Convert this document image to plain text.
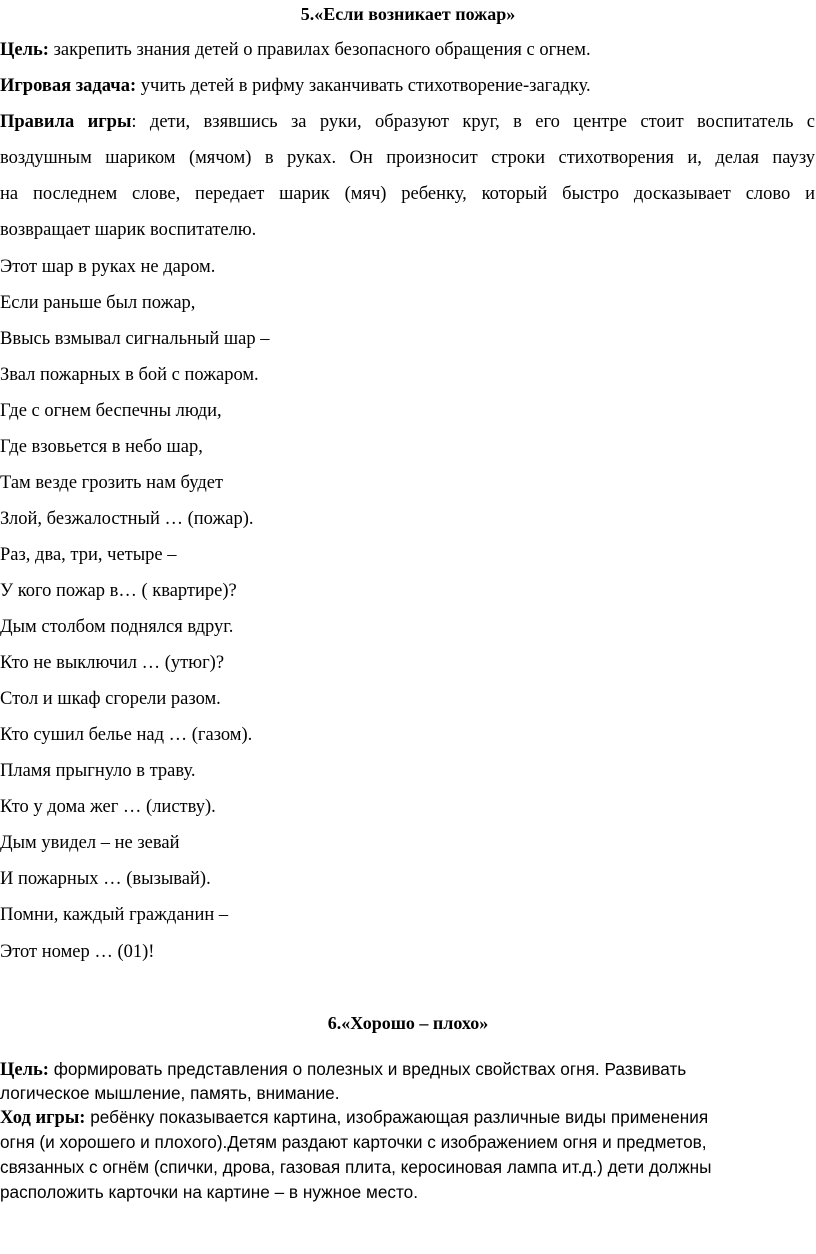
5.«Если возникает пожар»
Цель: закрепить знания детей о правилах безопасного обращения с огнем.
Игровая задача: учить детей в рифму заканчивать стихотворение-загадку.
Правила игры: дети, взявшись за руки, образуют круг, в его центре стоит воспитатель с
воздушным шариком (мячом) в руках. Он произносит строки стихотворения и, делая паузу
на последнем слове, передает шарик (мяч) ребенку, который быстро досказывает слово и
возвращает шарик воспитателю.
Этот шар в руках не даром.
Если раньше был пожар,
Ввысь взмывал сигнальный шар –
Звал пожарных в бой с пожаром.
Где с огнем беспечны люди,
Где взовьется в небо шар,
Там везде грозить нам будет
Злой, безжалостный … (пожар).
Раз, два, три, четыре –
У кого пожар в… ( квартире)?
Дым столбом поднялся вдруг.
Кто не выключил … (утюг)?
Стол и шкаф сгорели разом.
Кто сушил белье над … (газом).
Пламя прыгнуло в траву.
Кто у дома жег … (листву).
Дым увидел – не зевай
И пожарных … (вызывай).
Помни, каждый гражданин –
Этот номер … (01)!
6.«Хорошо – плохо»
Цель: формировать представления о полезных и вредных свойствах огня. Развивать
логическое мышление, память, внимание.
Ход игры: ребёнку показывается картина, изображающая различные виды применения
огня (и хорошего и плохого).Детям раздают карточки с изображением огня и предметов,
связанных с огнём (спички, дрова, газовая плита, керосиновая лампа ит.д.) дети должны
расположить карточки на картине – в нужное место.
